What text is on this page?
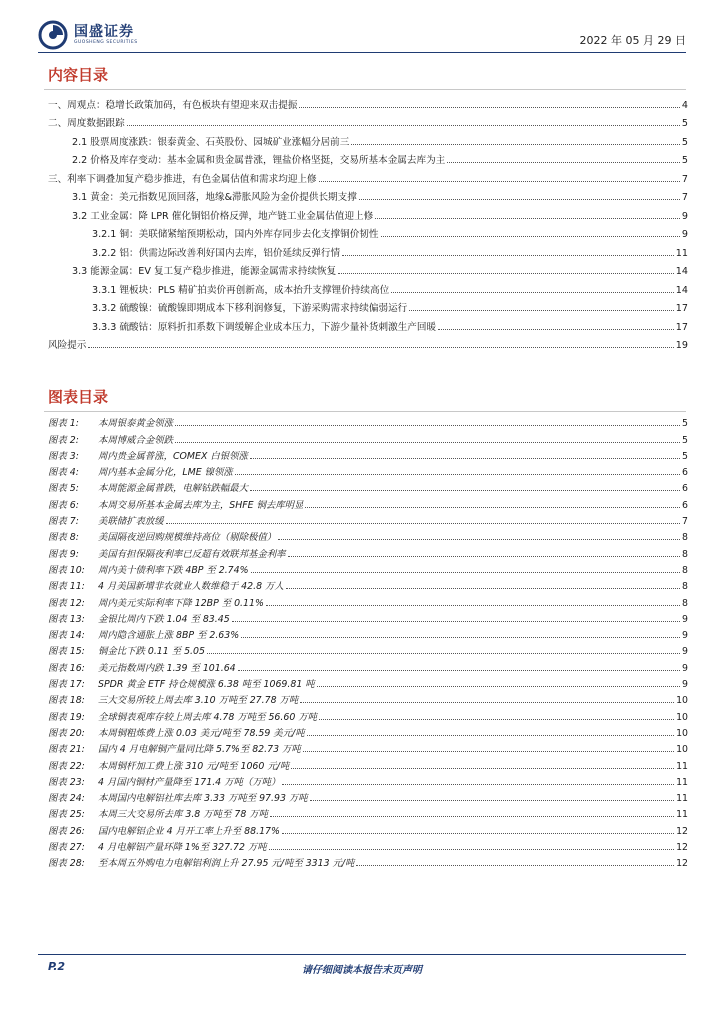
国盛证券
GUOSHENG SECURITIES	2022 年 05 月 29 日
内容目录
一、周观点：稳增长政策加码，有色板块有望迎来双击提振	4
二、周度数据跟踪	5
2.1 股票周度涨跌：银泰黄金、石英股份、园城矿业涨幅分居前三	5
2.2 价格及库存变动：基本金属和贵金属普涨，锂盐价格坚挺，交易所基本金属去库为主	5
三、利率下调叠加复产稳步推进，有色金属估值和需求均迎上修	7
3.1 黄金：美元指数见顶回落，地缘&滞胀风险为金价提供长期支撑	7
3.2 工业金属：降 LPR 催化铜铝价格反弹，地产链工业金属估值迎上修	9
3.2.1 铜：美联储紧缩预期松动，国内外库存同步去化支撑铜价韧性	9
3.2.2 铝：供需边际改善利好国内去库，铝价延续反弹行情	11
3.3 能源金属：EV 复工复产稳步推进，能源金属需求持续恢复	14
3.3.1 锂板块：PLS 精矿拍卖价再创新高，成本抬升支撑锂价持续高位	14
3.3.2 硫酸镍：硫酸镍即期成本下移利润修复，下游采购需求持续偏弱运行	17
3.3.3 硫酸钴：原料折扣系数下调缓解企业成本压力，下游少量补货刺激生产回暖	17
风险提示	19
图表目录
图表 1:	本周银泰黄金领涨	5
图表 2:	本周博威合金领跌	5
图表 3:	周内贵金属普涨，COMEX 白银领涨	5
图表 4:	周内基本金属分化，LME 镍领涨	6
图表 5:	本周能源金属普跌，电解钴跌幅最大	6
图表 6:	本周交易所基本金属去库为主，SHFE 铜去库明显	6
图表 7:	美联储扩表放缓	7
图表 8:	美国隔夜逆回购规模维持高位（剔除极值）	8
图表 9:	美国有担保隔夜利率已反超有效联邦基金利率	8
图表 10:	周内美十债利率下跌 4BP 至 2.74%	8
图表 11:	4 月美国新增非农就业人数维稳于 42.8 万人	8
图表 12:	周内美元实际利率下降 12BP 至 0.11%	8
图表 13:	金银比周内下跌 1.04 至 83.45	9
图表 14:	周内隐含通胀上涨 8BP 至 2.63%	9
图表 15:	铜金比下跌 0.11 至 5.05	9
图表 16:	美元指数周内跌 1.39 至 101.64	9
图表 17:	SPDR 黄金 ETF 持仓规模涨 6.38 吨至 1069.81 吨	9
图表 18:	三大交易所较上周去库 3.10 万吨至 27.78 万吨	10
图表 19:	全球铜表观库存较上周去库 4.78 万吨至 56.60 万吨	10
图表 20:	本周铜粗炼费上涨 0.03 美元/吨至 78.59 美元/吨	10
图表 21:	国内 4 月电解铜产量同比降 5.7%至 82.73 万吨	10
图表 22:	本周铜杆加工费上涨 310 元/吨至 1060 元/吨	11
图表 23:	4 月国内铜材产量降至 171.4 万吨（万吨）	11
图表 24:	本周国内电解铝社库去库 3.33 万吨至 97.93 万吨	11
图表 25:	本周三大交易所去库 3.8 万吨至 78 万吨	11
图表 26:	国内电解铝企业 4 月开工率上升至 88.17%	12
图表 27:	4 月电解铝产量环降 1%至 327.72 万吨	12
图表 28:	至本周五外购电力电解铝利润上升 27.95 元/吨至 3313 元/吨	12
P.2	请仔细阅读本报告末页声明
